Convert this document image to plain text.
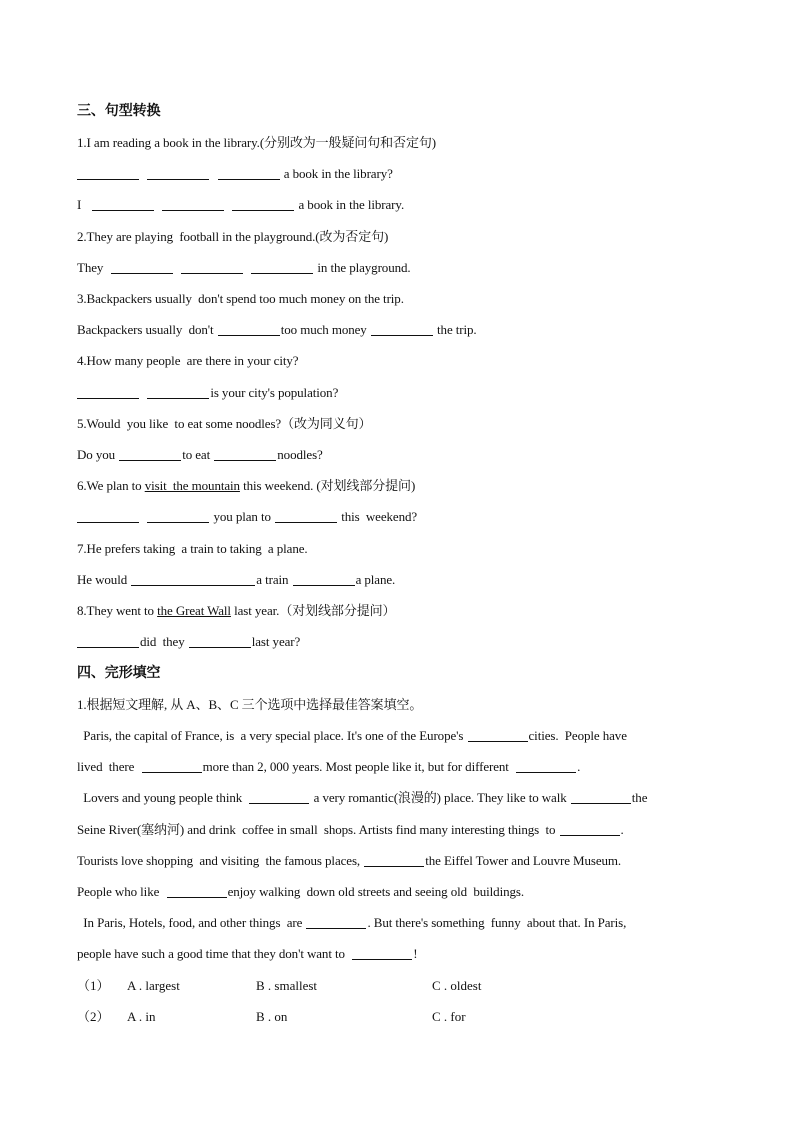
三、句型转换
1.I am reading a book in the library.(分别改为一般疑问句和否定句)
a book in the library?
I	a book in the library.
2.They are playing  football in the playground.(改为否定句)
They	in the playground.
3.Backpackers usually  don't spend too much money on the trip.
Backpackers usually  don't	too much money	the trip.
4.How many people  are there in your city?
is your city's population?
5.Would  you like  to eat some noodles?（改为同义句）
Do you	to eat	noodles?
6.We plan to visit  the mountain this weekend. (对划线部分提问)
you plan to	this  weekend?
7.He prefers taking  a train to taking  a plane.
He would	a train	a plane.
8.They went to the Great Wall last year.（对划线部分提问）
did  they	last year?
四、完形填空
1.根据短文理解, 从 A、B、C 三个选项中选择最佳答案填空。
Paris, the capital of France, is  a very special place. It's one of the Europe's	cities.  People have
lived  there	more than 2, 000 years. Most people like it, but for different	.
Lovers and young people think	a very romantic(浪漫的) place. They like to walk	the
Seine River(塞纳河) and drink  coffee in small  shops. Artists find many interesting things  to	.
Tourists love shopping  and visiting  the famous places,	the Eiffel Tower and Louvre Museum.
People who like	enjoy walking  down old streets and seeing old  buildings.
In Paris, Hotels, food, and other things  are	. But there's something  funny  about that. In Paris,
people have such a good time that they don't want to	!
（1） A . largest	B . smallest	C . oldest
（2） A . in	B . on	C . for
